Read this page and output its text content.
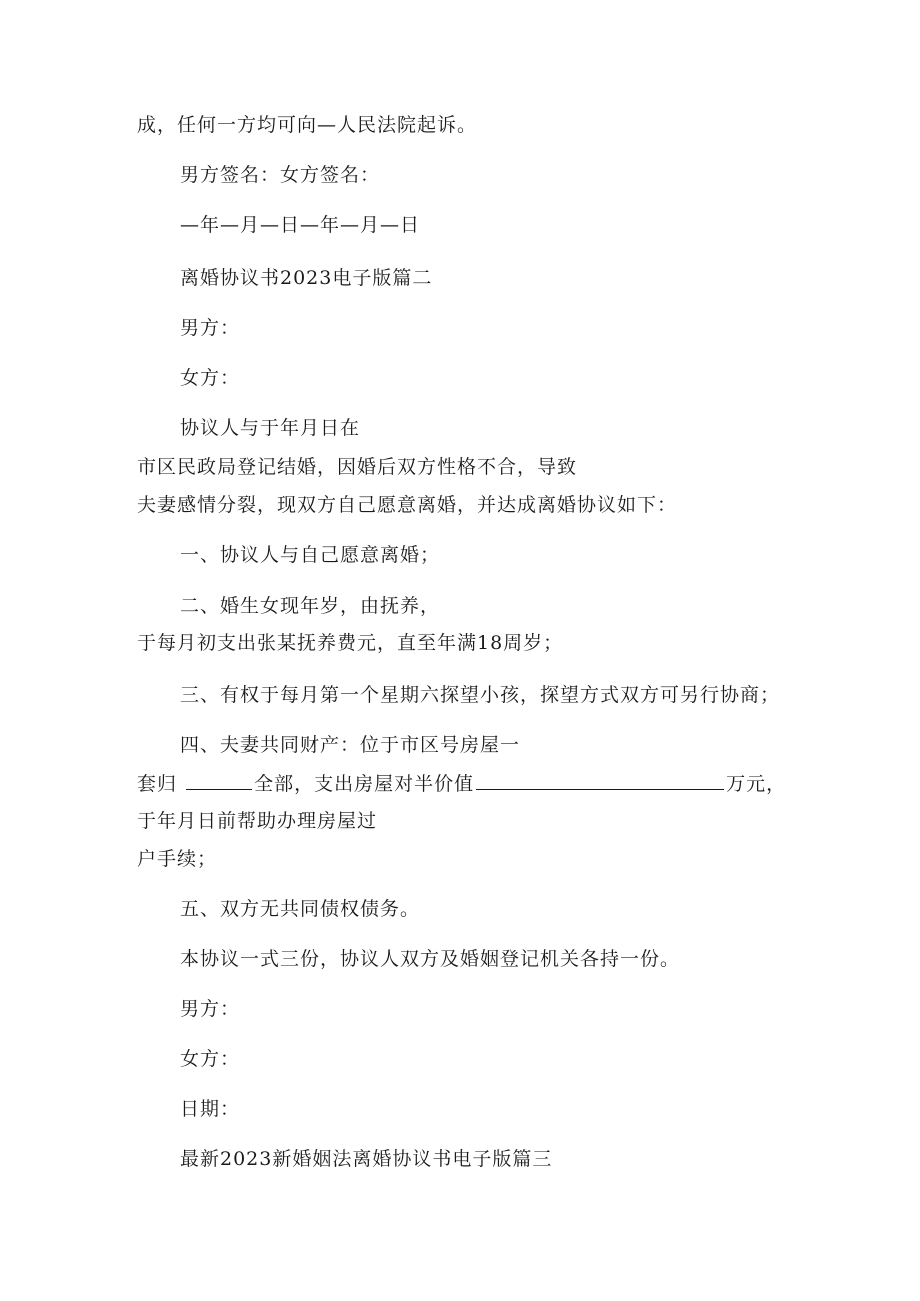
成，任何一方均可向—人民法院起诉。
男方签名：女方签名：
—年—月—日—年—月—日
离婚协议书2023电子版篇二
男方：
女方：
协议人与于年月日在
市区民政局登记结婚，因婚后双方性格不合，导致
夫妻感情分裂，现双方自己愿意离婚，并达成离婚协议如下：
一、协议人与自己愿意离婚；
二、婚生女现年岁，由抚养，
于每月初支出张某抚养费元，直至年满18周岁；
三、有权于每月第一个星期六探望小孩，探望方式双方可另行协商；
四、夫妻共同财产：位于市区号房屋一
套归	全部，支出房屋对半价值	万元，
于年月日前帮助办理房屋过
户手续；
五、双方无共同债权债务。
本协议一式三份，协议人双方及婚姻登记机关各持一份。
男方：
女方：
日期：
最新2023新婚姻法离婚协议书电子版篇三
